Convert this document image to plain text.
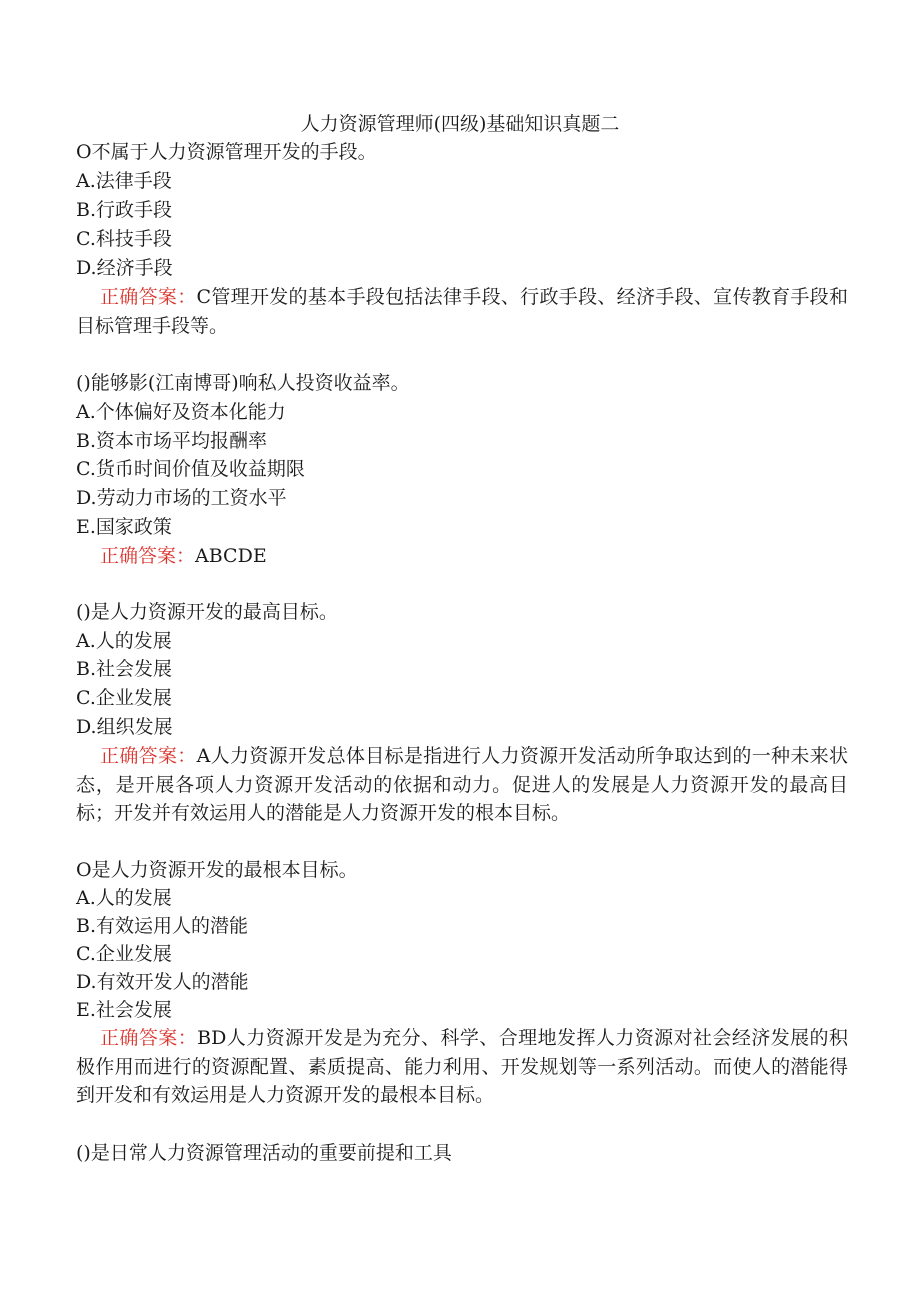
人力资源管理师(四级)基础知识真题二
O不属于人力资源管理开发的手段。
A.法律手段
B.行政手段
C.科技手段
D.经济手段
正确答案：C管理开发的基本手段包括法律手段、行政手段、经济手段、宣传教育手段和目标管理手段等。
()能够影(江南博哥)响私人投资收益率。
A.个体偏好及资本化能力
B.资本市场平均报酬率
C.货币时间价值及收益期限
D.劳动力市场的工资水平
E.国家政策
正确答案：ABCDE
()是人力资源开发的最高目标。
A.人的发展
B.社会发展
C.企业发展
D.组织发展
正确答案：A人力资源开发总体目标是指进行人力资源开发活动所争取达到的一种未来状态，是开展各项人力资源开发活动的依据和动力。促进人的发展是人力资源开发的最高目标；开发并有效运用人的潜能是人力资源开发的根本目标。
O是人力资源开发的最根本目标。
A.人的发展
B.有效运用人的潜能
C.企业发展
D.有效开发人的潜能
E.社会发展
正确答案：BD人力资源开发是为充分、科学、合理地发挥人力资源对社会经济发展的积极作用而进行的资源配置、素质提高、能力利用、开发规划等一系列活动。而使人的潜能得到开发和有效运用是人力资源开发的最根本目标。
()是日常人力资源管理活动的重要前提和工具
